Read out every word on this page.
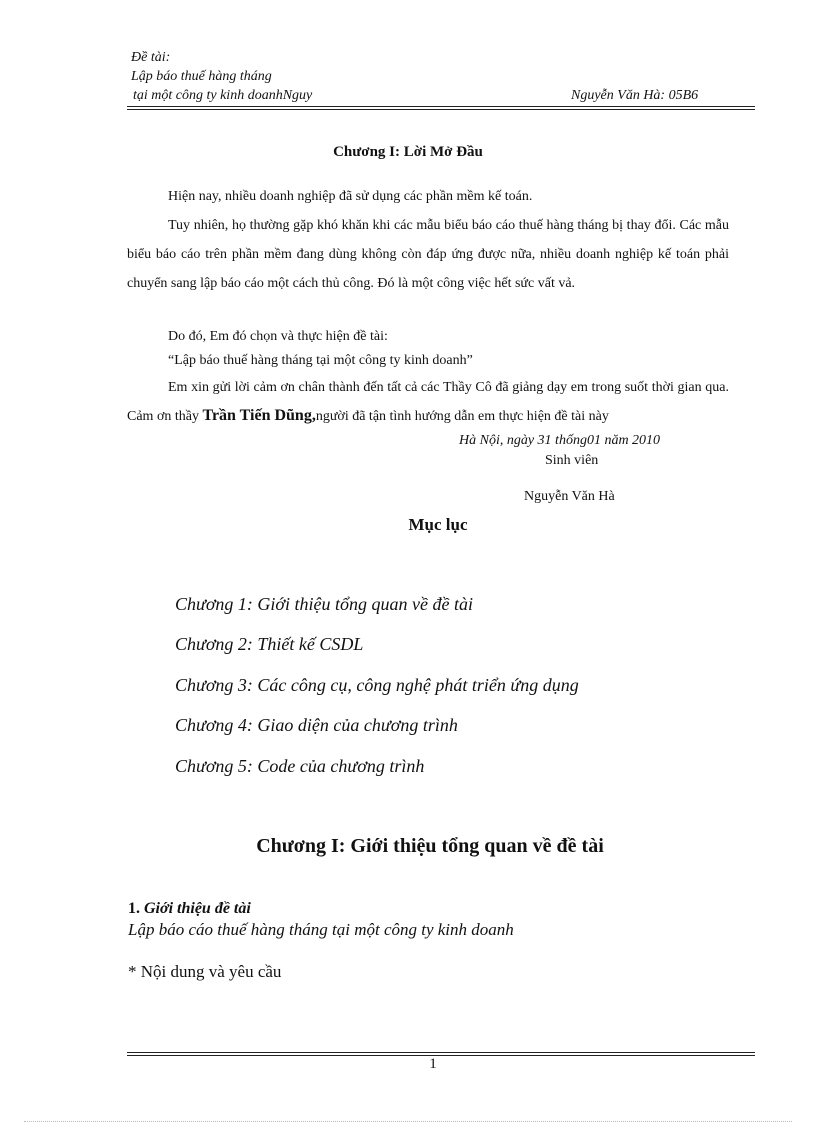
Đề tài:
Lập báo thuế hàng tháng
tại một công ty kinh doanhNguy	Nguyễn Văn Hà: 05B6
Chương I: Lời Mở Đầu
Hiện nay, nhiều doanh nghiệp đã sử dụng các phần mềm kế toán.
Tuy nhiên, họ thường gặp khó khăn khi các mẫu biểu báo cáo thuế hàng tháng bị thay đổi. Các mẫu biểu báo cáo trên phần mềm đang dùng không còn đáp ứng được nữa, nhiều doanh nghiệp kế toán phải chuyển sang lập báo cáo một cách thủ công. Đó là một công việc hết sức vất vả.
Do đó, Em đó chọn và thực hiện đề tài:
“Lập báo thuế hàng tháng tại một công ty kinh doanh”
Em xin gửi lời cảm ơn chân thành đến tất cả các Thầy Cô đã giảng dạy em trong suốt thời gian qua. Cảm ơn thầy Trần Tiến Dũng,người đã tận tình hướng dẫn em thực hiện đề tài này
Hà Nội, ngày 31 thống01 năm 2010
Sinh viên
Nguyễn Văn Hà
Mục lục
Chương 1: Giới thiệu tổng quan về đề tài
Chương 2: Thiết kế CSDL
Chương 3: Các công cụ, công nghệ phát triển ứng dụng
Chương 4: Giao diện của chương trình
Chương 5: Code của chương trình
Chương I: Giới thiệu tổng quan về đề tài
1. Giới thiệu đề tài
Lập báo cáo thuế hàng tháng tại một công ty kinh doanh
* Nội dung và yêu cầu
1
